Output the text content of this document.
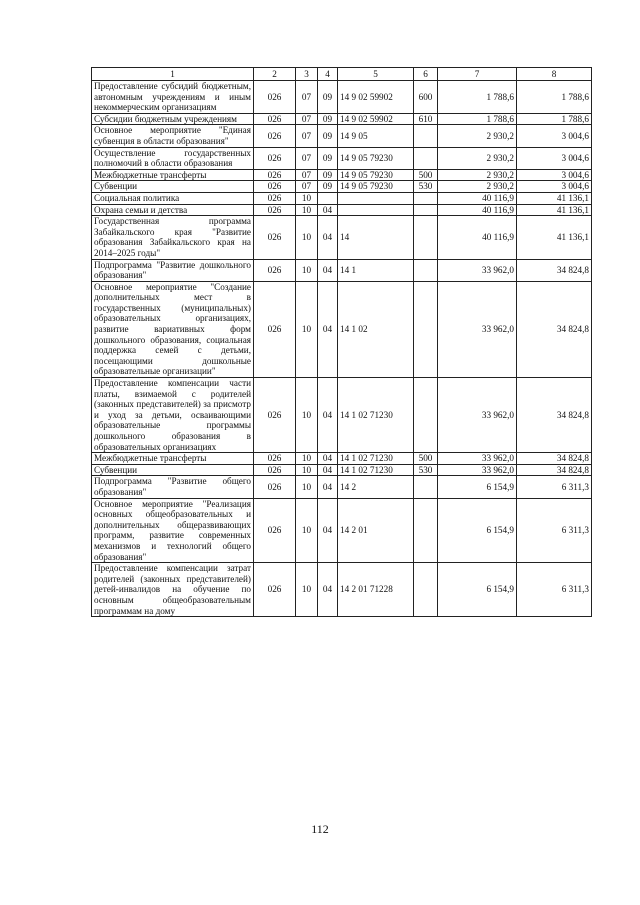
1	2	3	4	5	6	7	8
Предоставление субсидий бюджетным, автономным учреждениям и иным некоммерческим организациям	026	07	09	14 9 02 59902	600	1 788,6	1 788,6
Субсидии бюджетным учреждениям	026	07	09	14 9 02 59902	610	1 788,6	1 788,6
Основное мероприятие "Единая субвенция в области образования"	026	07	09	14 9 05		2 930,2	3 004,6
Осуществление государственных полномочий в области образования	026	07	09	14 9 05 79230		2 930,2	3 004,6
Межбюджетные трансферты	026	07	09	14 9 05 79230	500	2 930,2	3 004,6
Субвенции	026	07	09	14 9 05 79230	530	2 930,2	3 004,6
Социальная политика	026	10				40 116,9	41 136,1
Охрана семьи и детства	026	10	04			40 116,9	41 136,1
Государственная программа Забайкальского края "Развитие образования Забайкальского края на 2014–2025 годы"	026	10	04	14		40 116,9	41 136,1
Подпрограмма "Развитие дошкольного образования"	026	10	04	14 1		33 962,0	34 824,8
Основное мероприятие "Создание дополнительных мест в государственных (муниципальных) образовательных организациях, развитие вариативных форм дошкольного образования, социальная поддержка семей с детьми, посещающими дошкольные образовательные организации"	026	10	04	14 1 02		33 962,0	34 824,8
Предоставление компенсации части платы, взимаемой с родителей (законных представителей) за присмотр и уход за детьми, осваивающими образовательные программы дошкольного образования в образовательных организациях	026	10	04	14 1 02 71230		33 962,0	34 824,8
Межбюджетные трансферты	026	10	04	14 1 02 71230	500	33 962,0	34 824,8
Субвенции	026	10	04	14 1 02 71230	530	33 962,0	34 824,8
Подпрограмма "Развитие общего образования"	026	10	04	14 2		6 154,9	6 311,3
Основное мероприятие "Реализация основных общеобразовательных и дополнительных общеразвивающих программ, развитие современных механизмов и технологий общего образования"	026	10	04	14 2 01		6 154,9	6 311,3
Предоставление компенсации затрат родителей (законных представителей) детей-инвалидов на обучение по основным общеобразовательным программам на дому	026	10	04	14 2 01 71228		6 154,9	6 311,3
112
